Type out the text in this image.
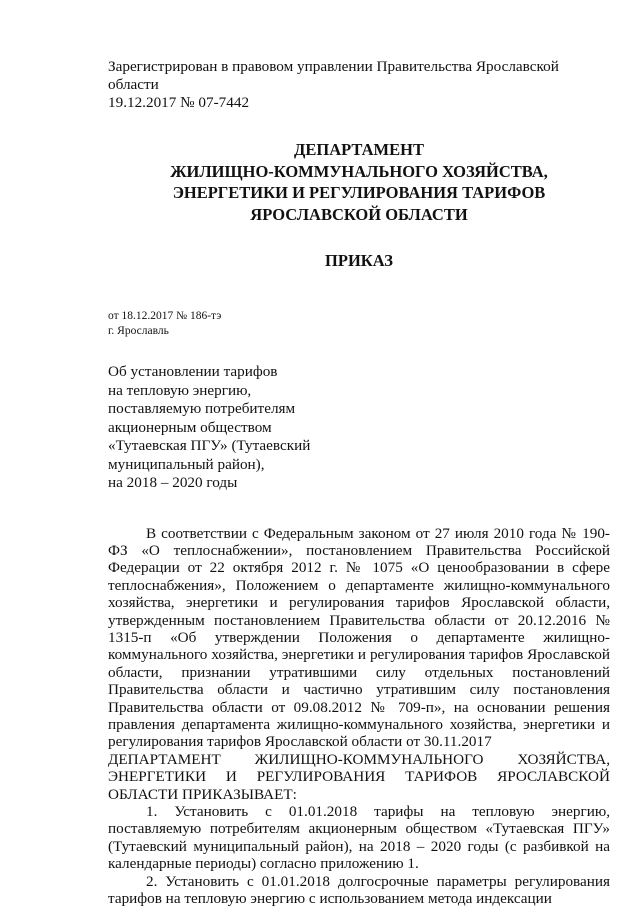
Зарегистрирован в правовом управлении Правительства Ярославской области

19.12.2017 № 07-7442

ДЕПАРТАМЕНТ
ЖИЛИЩНО-КОММУНАЛЬНОГО ХОЗЯЙСТВА,
ЭНЕРГЕТИКИ И РЕГУЛИРОВАНИЯ ТАРИФОВ
ЯРОСЛАВСКОЙ ОБЛАСТИ
ПРИКАЗ
от 18.12.2017 № 186-тэ
г. Ярославль
Об установлении тарифов
на тепловую энергию,
поставляемую потребителям
акционерным обществом
«Тутаевская ПГУ» (Тутаевский
муниципальный район),
на 2018 – 2020 годы

В соответствии с Федеральным законом от 27 июля 2010 года № 190-ФЗ «О теплоснабжении», постановлением Правительства Российской Федерации от 22 октября 2012 г. № 1075 «О ценообразовании в сфере теплоснабжения», Положением о департаменте жилищно-коммунального хозяйства, энергетики и регулирования тарифов Ярославской области, утвержденным постановлением Правительства области от 20.12.2016 № 1315-п «Об утверждении Положения о департаменте жилищно-коммунального хозяйства, энергетики и регулирования тарифов Ярославской области, признании утратившими силу отдельных постановлений Правительства области и частично утратившим силу постановления Правительства области от 09.08.2012 № 709-п», на основании решения правления департамента жилищно-коммунального хозяйства, энергетики и регулирования тарифов Ярославской области от 30.11.2017

ДЕПАРТАМЕНТ ЖИЛИЩНО-КОММУНАЛЬНОГО ХОЗЯЙСТВА, ЭНЕРГЕТИКИ И РЕГУЛИРОВАНИЯ ТАРИФОВ ЯРОСЛАВСКОЙ ОБЛАСТИ ПРИКАЗЫВАЕТ:

1. Установить с 01.01.2018 тарифы на тепловую энергию, поставляемую потребителям акционерным обществом «Тутаевская ПГУ» (Тутаевский муниципальный район), на 2018 – 2020 годы (с разбивкой на календарные периоды) согласно приложению 1.

2. Установить с 01.01.2018 долгосрочные параметры регулирования тарифов на тепловую энергию с использованием метода индексации
